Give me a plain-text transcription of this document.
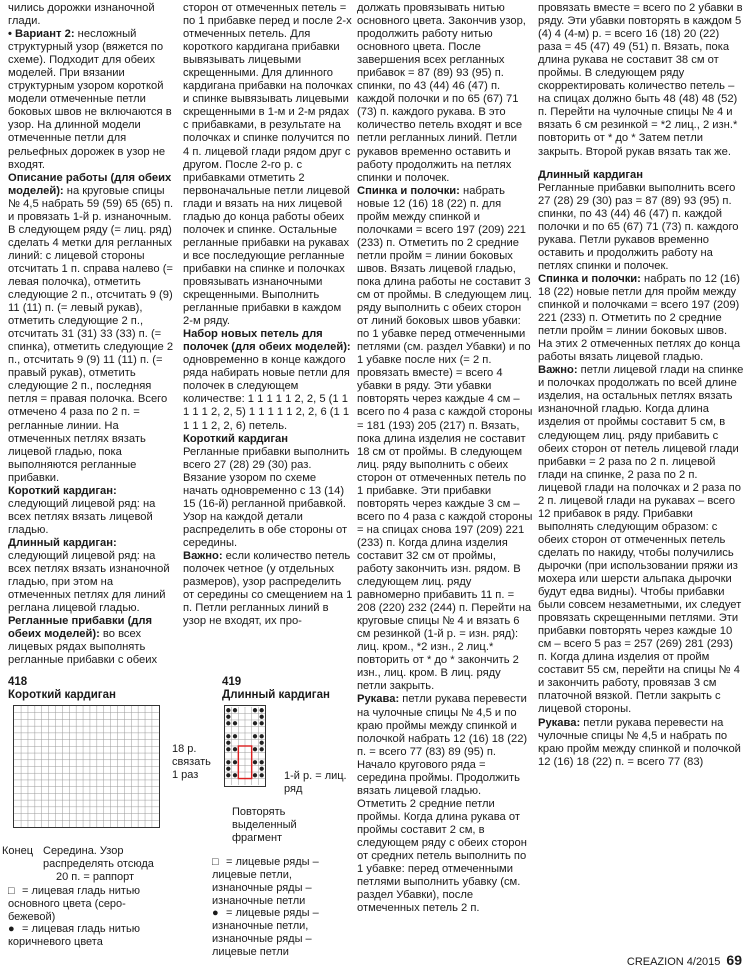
чились дорожки изнаночной глади.

• Вариант 2: несложный структурный узор (вяжется по схеме). Подходит для обеих моделей. При вязании структурным узором короткой модели отмеченные петли боковых швов не включаются в узор. На длинной модели отмеченные петли для рельефных дорожек в узор не входят.

Описание работы (для обеих моделей): на круговые спицы № 4,5 набрать 59 (59) 65 (65) п. и провязать 1-й р. изнаночным. В следующем ряду (= лиц. ряд) сделать 4 метки для регланных линий: с лицевой стороны отсчитать 1 п. справа налево (= левая полочка), отметить следующие 2 п., отсчитать 9 (9) 11 (11) п. (= левый рукав), отметить следующие 2 п., отсчитать 31 (31) 33 (33) п. (= спинка), отметить следующие 2 п., отсчитать 9 (9) 11 (11) п. (= правый рукав), отметить следующие 2 п., последняя петля = правая полочка. Всего отмечено 4 раза по 2 п. = регланные линии. На отмеченных петлях вязать лицевой гладью, пока выполняются регланные прибавки.

Короткий кардиган: следующий лицевой ряд: на всех петлях вязать лицевой гладью.

Длинный кардиган: следующий лицевой ряд: на всех петлях вязать изнаночной гладью, при этом на отмеченных петлях для линий реглана лицевой гладью.

Регланные прибавки (для обеих моделей): во всех лицевых рядах выполнять регланные прибавки с обеих

сторон от отмеченных петель = по 1 прибавке перед и после 2-х отмеченных петель. Для короткого кардигана прибавки вывязывать лицевыми скрещенными. Для длинного кардигана прибавки на полочках и спинке вывязывать лицевыми скрещенными в 1-м и 2-м рядах с прибавками, в результате на полочках и спинке получится по 4 п. лицевой глади рядом друг с другом. После 2-го р. с прибавками отметить 2 первоначальные петли лицевой глади и вязать на них лицевой гладью до конца работы обеих полочек и спинке. Остальные регланные прибавки на рукавах и все последующие регланные прибавки на спинке и полочках провязывать изнаночными скрещенными. Выполнить регланные прибавки в каждом 2-м ряду.

Набор новых петель для полочек (для обеих моделей): одновременно в конце каждого ряда набирать новые петли для полочек в следующем количестве: 1 1 1 1 1 2, 2, 5 (1 1 1 1 1 2, 2, 5) 1 1 1 1 1 2, 2, 6 (1 1 1 1 1 2, 2, 6) петель.

Короткий кардиган

Регланные прибавки выполнить всего 27 (28) 29 (30) раз. Вязание узором по схеме начать одновременно с 13 (14) 15 (16-й) регланной прибавкой. Узор на каждой детали распределить в обе стороны от середины.

Важно: если количество петель полочек четное (у отдельных размеров), узор распределить от середины со смещением на 1 п. Петли регланных линий в узор не входят, их про-

должать провязывать нитью основного цвета. Закончив узор, продолжить работу нитью основного цвета. После завершения всех регланных прибавок = 87 (89) 93 (95) п. спинки, по 43 (44) 46 (47) п. каждой полочки и по 65 (67) 71 (73) п. каждого рукава. В это количество петель входят и все петли регланных линий. Петли рукавов временно оставить и работу продолжить на петлях спинки и полочек.

Спинка и полочки: набрать новые 12 (16) 18 (22) п. для пройм между спинкой и полочками = всего 197 (209) 221 (233) п. Отметить по 2 средние петли пройм = линии боковых швов. Вязать лицевой гладью, пока длина работы не составит 3 см от проймы. В следующем лиц. ряду выполнить с обеих сторон от линий боковых швов убавки: по 1 убавке перед отмеченными петлями (см. раздел Убавки) и по 1 убавке после них (= 2 п. провязать вместе) = всего 4 убавки в ряду. Эти убавки повторять через каждые 4 см – всего по 4 раза с каждой стороны = 181 (193) 205 (217) п. Вязать, пока длина изделия не составит 18 см от проймы. В следующем лиц. ряду выполнить с обеих сторон от отмеченных петель по 1 прибавке. Эти прибавки повторять через каждые 3 см – всего по 4 раза с каждой стороны = на спицах снова 197 (209) 221 (233) п. Когда длина изделия составит 32 см от проймы, работу закончить изн. рядом. В следующем лиц. ряду равномерно прибавить 11 п. = 208 (220) 232 (244) п. Перейти на круговые спицы № 4 и вязать 6 см резинкой (1-й р. = изн. ряд): лиц. кром., *2 изн., 2 лиц.* повторить от * до * закончить 2 изн., лиц. кром. В лиц. ряду петли закрыть.

Рукава: петли рукава перевести на чулочные спицы № 4,5 и по краю проймы между спинкой и полочкой набрать 12 (16) 18 (22) п. = всего 77 (83) 89 (95) п. Начало кругового ряда = середина проймы. Продолжить вязать лицевой гладью. Отметить 2 средние петли проймы. Когда длина рукава от проймы составит 2 см, в следующем ряду с обеих сторон от средних петель выполнить по 1 убавке: перед отмеченными петлями выполнить убавку (см. раздел Убавки), после отмеченных петель 2 п.

провязать вместе = всего по 2 убавки в ряду. Эти убавки повторять в каждом 5 (4) 4 (4-м) р. = всего 16 (18) 20 (22) раза = 45 (47) 49 (51) п. Вязать, пока длина рукава не составит 38 см от проймы. В следующем ряду скорректировать количество петель – на спицах должно быть 48 (48) 48 (52) п. Перейти на чулочные спицы № 4 и вязать 6 см резинкой = *2 лиц., 2 изн.* повторить от * до * Затем петли закрыть. Второй рукав вязать так же.

Длинный кардиган

Регланные прибавки выполнить всего 27 (28) 29 (30) раз = 87 (89) 93 (95) п. спинки, по 43 (44) 46 (47) п. каждой полочки и по 65 (67) 71 (73) п. каждого рукава. Петли рукавов временно оставить и продолжить работу на петлях спинки и полочек.

Спинка и полочки: набрать по 12 (16) 18 (22) новые петли для пройм между спинкой и полочками = всего 197 (209) 221 (233) п. Отметить по 2 средние петли пройм = линии боковых швов. На этих 2 отмеченных петлях до конца работы вязать лицевой гладью.

Важно: петли лицевой глади на спинке и полочках продолжать по всей длине изделия, на остальных петлях вязать изнаночной гладью. Когда длина изделия от проймы составит 5 см, в следующем лиц. ряду прибавить с обеих сторон от петель лицевой глади прибавки = 2 раза по 2 п. лицевой глади на спинке, 2 раза по 2 п. лицевой глади на полочках и 2 раза по 2 п. лицевой глади на рукавах – всего 12 прибавок в ряду. Прибавки выполнять следующим образом: с обеих сторон от отмеченных петель сделать по накиду, чтобы получились дырочки (при использовании пряжи из мохера или шерсти альпака дырочки будут едва видны). Чтобы прибавки были совсем незаметными, их следует провязать скрещенными петлями. Эти прибавки повторять через каждые 10 см – всего 5 раз = 257 (269) 281 (293) п. Когда длина изделия от пройм составит 55 см, перейти на спицы № 4 и закончить работу, провязав 3 см платочной вязкой. Петли закрыть с лицевой стороны.

Рукава: петли рукава перевести на чулочные спицы № 4,5 и набрать по краю пройм между спинкой и полочкой 12 (16) 18 (22) п. = всего 77 (83)

418
Короткий кардиган
18 р. связать 1 раз
Конец Середина. Узор распределять отсюда
20 п. = раппорт
419
Длинный кардиган
1-й р. = лиц. ряд
Повторять выделенный фрагмент
□ = лицевая гладь нитью основного цвета (серо-бежевой)
● = лицевая гладь нитью коричневого цвета
□ = лицевые ряды – лицевые петли, изнаночные ряды – изнаночные петли
● = лицевые ряды – изнаночные петли, изнаночные ряды – лицевые петли
CREAZION 4/2015 69
